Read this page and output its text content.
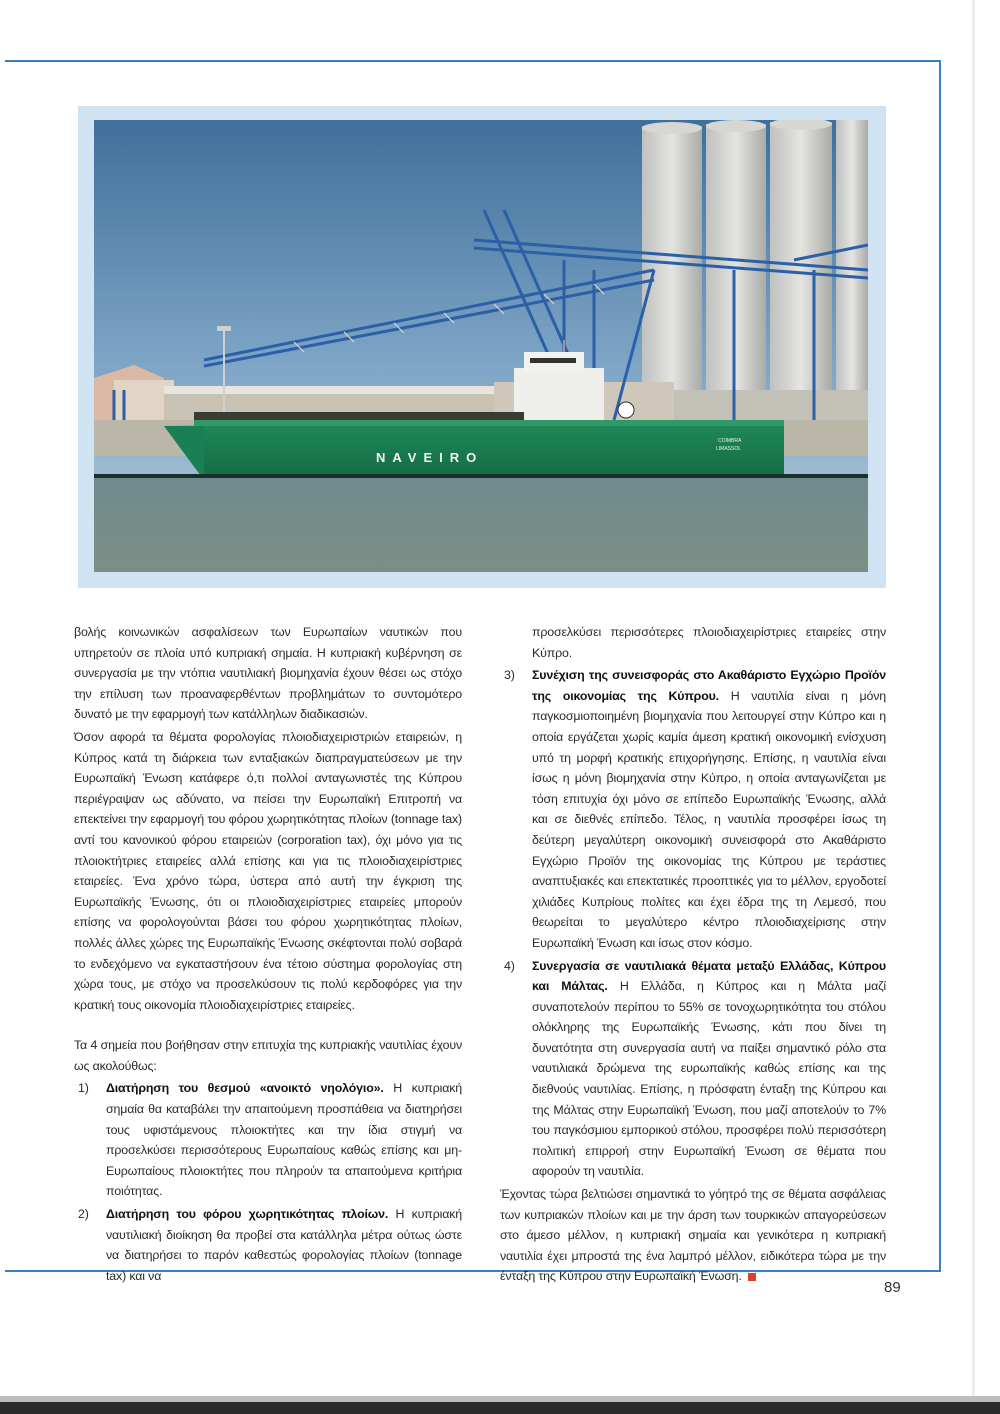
NAVEIRO
COIMBRA
LIMASSOL

βολής κοινωνικών ασφαλίσεων των Ευρωπαίων ναυτικών που υπηρετούν σε πλοία υπό κυπριακή σημαία. Η κυπριακή κυβέρνηση σε συνεργασία με την ντόπια ναυτιλιακή βιομηχανία έχουν θέσει ως στόχο την επίλυση των προαναφερθέντων προβλημάτων το συντομότερο δυνατό με την εφαρμογή των κατάλληλων διαδικασιών.

Όσον αφορά τα θέματα φορολογίας πλοιοδιαχειριστριών εταιρειών, η Κύπρος κατά τη διάρκεια των ενταξιακών διαπραγματεύσεων με την Ευρωπαϊκή Ένωση κατάφερε ό,τι πολλοί ανταγωνιστές της Κύπρου περιέγραψαν ως αδύνατο, να πείσει την Ευρωπαϊκή Επιτροπή να επεκτείνει την εφαρμογή του φόρου χωρητικότητας πλοίων (tonnage tax) αντί του κανονικού φόρου εταιρειών (corporation tax), όχι μόνο για τις πλοιοκτήτριες εταιρείες αλλά επίσης και για τις πλοιοδιαχειρίστριες εταιρείες. Ένα χρόνο τώρα, ύστερα από αυτή την έγκριση της Ευρωπαϊκής Ένωσης, ότι οι πλοιοδιαχειρίστριες εταιρείες μπορούν επίσης να φορολογούνται βάσει του φόρου χωρητικότητας πλοίων, πολλές άλλες χώρες της Ευρωπαϊκής Ένωσης σκέφτονται πολύ σοβαρά το ενδεχόμενο να εγκαταστήσουν ένα τέτοιο σύστημα φορολογίας στη χώρα τους, με στόχο να προσελκύσουν τις πολύ κερδοφόρες για την κρατική τους οικονομία πλοιοδιαχειρίστριες εταιρείες.

Τα 4 σημεία που βοήθησαν στην επιτυχία της κυπριακής ναυτιλίας έχουν ως ακολούθως:

1)	Διατήρηση του θεσμού «ανοικτό νηολόγιο». Η κυπριακή σημαία θα καταβάλει την απαιτούμενη προσπάθεια να διατηρήσει τους υφιστάμενους πλοιοκτήτες και την ίδια στιγμή να προσελκύσει περισσότερους Ευρωπαίους καθώς επίσης και μη-Ευρωπαίους πλοιοκτήτες που πληρούν τα απαιτούμενα κριτήρια ποιότητας.
2)	Διατήρηση του φόρου χωρητικότητας πλοίων. Η κυπριακή ναυτιλιακή διοίκηση θα προβεί στα κατάλληλα μέτρα ούτως ώστε να διατηρήσει το παρόν καθεστώς φορολογίας πλοίων (tonnage tax) και να

προσελκύσει περισσότερες πλοιοδιαχειρίστριες εταιρείες στην Κύπρο.

3)	Συνέχιση της συνεισφοράς στο Ακαθάριστο Εγχώριο Προϊόν της οικονομίας της Κύπρου. Η ναυτιλία είναι η μόνη παγκοσμιοποιημένη βιομηχανία που λειτουργεί στην Κύπρο και η οποία εργάζεται χωρίς καμία άμεση κρατική οικονομική ενίσχυση υπό τη μορφή κρατικής επιχορήγησης. Επίσης, η ναυτιλία είναι ίσως η μόνη βιομηχανία στην Κύπρο, η οποία ανταγωνίζεται με τόση επιτυχία όχι μόνο σε επίπεδο Ευρωπαϊκής Ένωσης, αλλά και σε διεθνές επίπεδο. Τέλος, η ναυτιλία προσφέρει ίσως τη δεύτερη μεγαλύτερη οικονομική συνεισφορά στο Ακαθάριστο Εγχώριο Προϊόν της οικονομίας της Κύπρου με τεράστιες αναπτυξιακές και επεκτατικές προοπτικές για το μέλλον, εργοδοτεί χιλιάδες Κυπρίους πολίτες και έχει έδρα της τη Λεμεσό, που θεωρείται το μεγαλύτερο κέντρο πλοιοδιαχείρισης στην Ευρωπαϊκή Ένωση και ίσως στον κόσμο.
4)	Συνεργασία σε ναυτιλιακά θέματα μεταξύ Ελλάδας, Κύπρου και Μάλτας. Η Ελλάδα, η Κύπρος και η Μάλτα μαζί συναποτελούν περίπου το 55% σε τονοχωρητικότητα του στόλου ολόκληρης της Ευρωπαϊκής Ένωσης, κάτι που δίνει τη δυνατότητα στη συνεργασία αυτή να παίξει σημαντικό ρόλο στα ναυτιλιακά δρώμενα της ευρωπαϊκής καθώς επίσης και της διεθνούς ναυτιλίας. Επίσης, η πρόσφατη ένταξη της Κύπρου και της Μάλτας στην Ευρωπαϊκή Ένωση, που μαζί αποτελούν το 7% του παγκόσμιου εμπορικού στόλου, προσφέρει πολύ περισσότερη πολιτική επιρροή στην Ευρωπαϊκή Ένωση σε θέματα που αφορούν τη ναυτιλία.

Έχοντας τώρα βελτιώσει σημαντικά το γόητρό της σε θέματα ασφάλειας των κυπριακών πλοίων και με την άρση των τουρκικών απαγορεύσεων στο άμεσο μέλλον, η κυπριακή σημαία και γενικότερα η κυπριακή ναυτιλία έχει μπροστά της ένα λαμπρό μέλλον, ειδικότερα τώρα με την ένταξη της Κύπρου στην Ευρωπαϊκή Ένωση.

89
